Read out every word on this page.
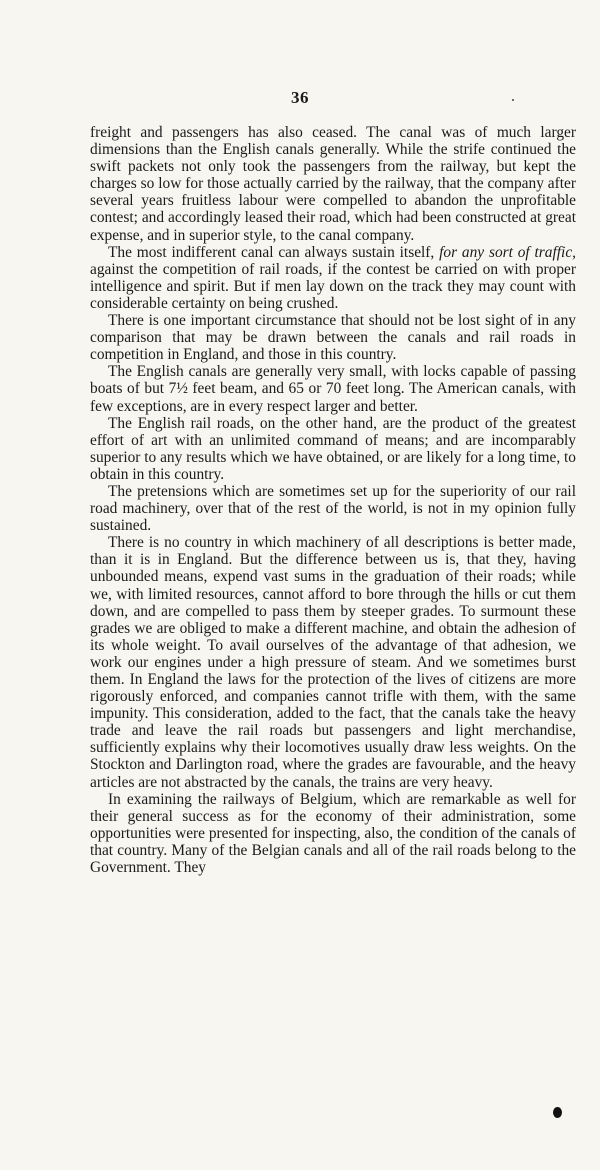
36

freight and passengers has also ceased. The canal was of much larger dimensions than the English canals generally. While the strife continued the swift packets not only took the passengers from the railway, but kept the charges so low for those actually carried by the railway, that the company after several years fruitless labour were compelled to abandon the unprofitable contest; and accordingly leased their road, which had been constructed at great expense, and in superior style, to the canal company.

The most indifferent canal can always sustain itself, for any sort of traffic, against the competition of rail roads, if the contest be carried on with proper intelligence and spirit. But if men lay down on the track they may count with considerable certainty on being crushed.

There is one important circumstance that should not be lost sight of in any comparison that may be drawn between the canals and rail roads in competition in England, and those in this country.

The English canals are generally very small, with locks capable of passing boats of but 7½ feet beam, and 65 or 70 feet long. The American canals, with few exceptions, are in every respect larger and better.

The English rail roads, on the other hand, are the product of the greatest effort of art with an unlimited command of means; and are incomparably superior to any results which we have obtained, or are likely for a long time, to obtain in this country.

The pretensions which are sometimes set up for the superiority of our rail road machinery, over that of the rest of the world, is not in my opinion fully sustained.

There is no country in which machinery of all descriptions is better made, than it is in England. But the difference between us is, that they, having unbounded means, expend vast sums in the graduation of their roads; while we, with limited resources, cannot afford to bore through the hills or cut them down, and are compelled to pass them by steeper grades. To surmount these grades we are obliged to make a different machine, and obtain the adhesion of its whole weight. To avail ourselves of the advantage of that adhesion, we work our engines under a high pressure of steam. And we sometimes burst them. In England the laws for the protection of the lives of citizens are more rigorously enforced, and companies cannot trifle with them, with the same impunity. This consideration, added to the fact, that the canals take the heavy trade and leave the rail roads but passengers and light merchandise, sufficiently explains why their locomotives usually draw less weights. On the Stockton and Darlington road, where the grades are favourable, and the heavy articles are not abstracted by the canals, the trains are very heavy.

In examining the railways of Belgium, which are remarkable as well for their general success as for the economy of their administration, some opportunities were presented for inspecting, also, the condition of the canals of that country. Many of the Belgian canals and all of the rail roads belong to the Government. They
